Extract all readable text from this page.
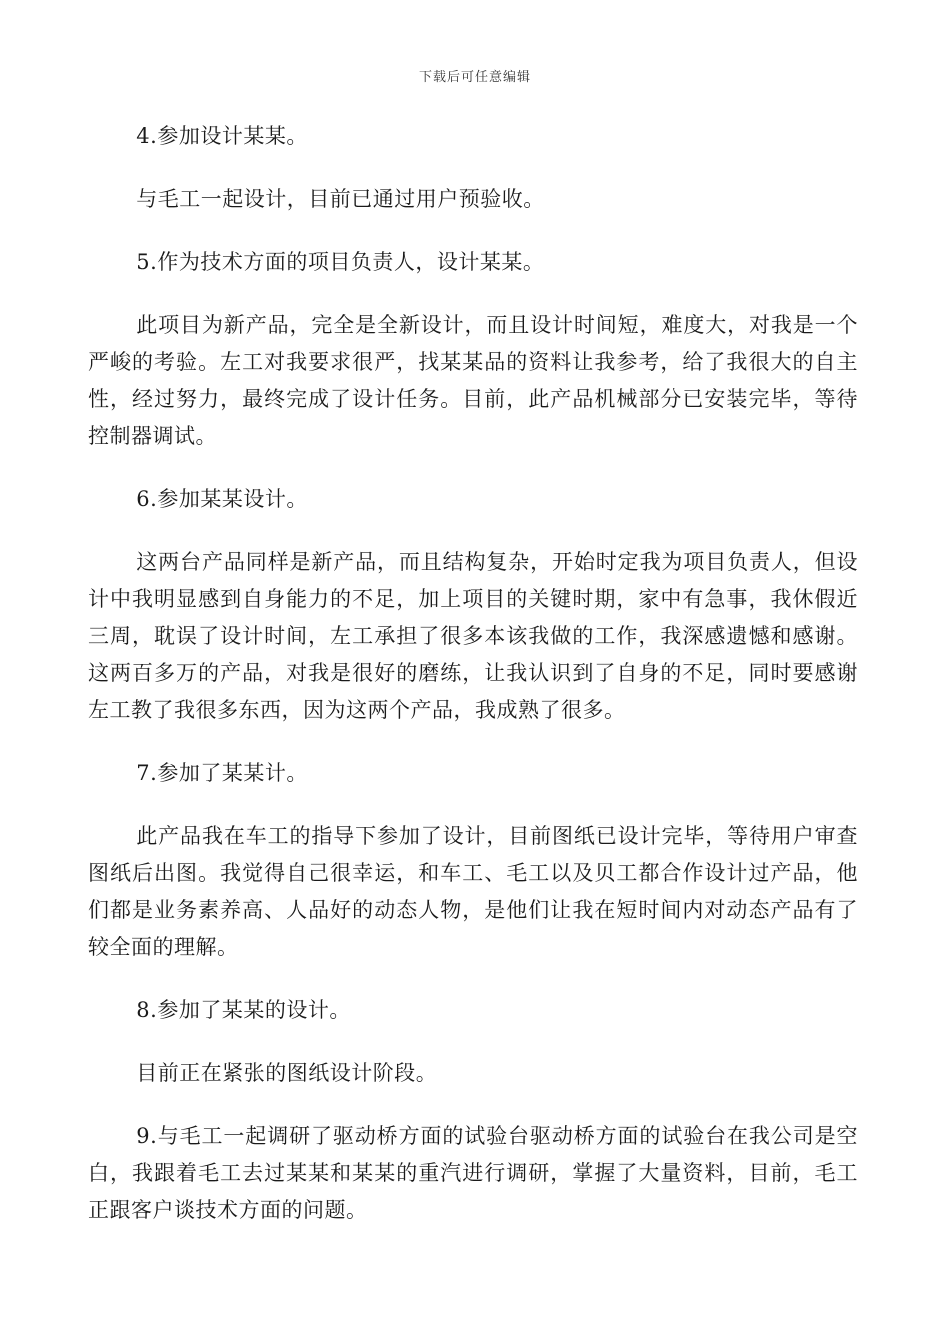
下载后可任意编辑

4.参加设计某某。

与毛工一起设计，目前已通过用户预验收。

5.作为技术方面的项目负责人，设计某某。

此项目为新产品，完全是全新设计，而且设计时间短，难度大，对我是一个严峻的考验。左工对我要求很严，找某某品的资料让我参考，给了我很大的自主性，经过努力，最终完成了设计任务。目前，此产品机械部分已安装完毕，等待控制器调试。

6.参加某某设计。

这两台产品同样是新产品，而且结构复杂，开始时定我为项目负责人，但设计中我明显感到自身能力的不足，加上项目的关键时期，家中有急事，我休假近三周，耽误了设计时间，左工承担了很多本该我做的工作，我深感遗憾和感谢。这两百多万的产品，对我是很好的磨练，让我认识到了自身的不足，同时要感谢左工教了我很多东西，因为这两个产品，我成熟了很多。

7.参加了某某计。

此产品我在车工的指导下参加了设计，目前图纸已设计完毕，等待用户审查图纸后出图。我觉得自己很幸运，和车工、毛工以及贝工都合作设计过产品，他们都是业务素养高、人品好的动态人物，是他们让我在短时间内对动态产品有了较全面的理解。

8.参加了某某的设计。

目前正在紧张的图纸设计阶段。

9.与毛工一起调研了驱动桥方面的试验台驱动桥方面的试验台在我公司是空白，我跟着毛工去过某某和某某的重汽进行调研，掌握了大量资料，目前，毛工正跟客户谈技术方面的问题。
